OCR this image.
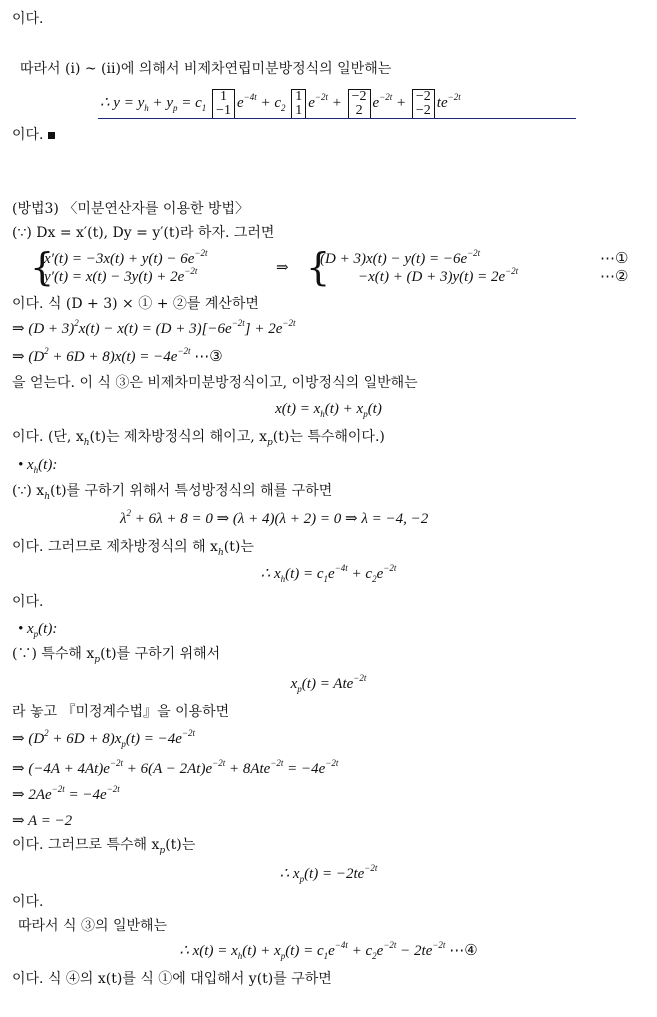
이다.
따라서 (i) ~ (ii)에 의해서 비제차연립미분방정식의 일반해는
∴ $y = y_h + y_p = c_1$
1
−1 $e^{-4t} + c_2$
1
1 $e^{-2t} + -2$
2 $e^{-2t} + -2$
−2 $te^{-2t}$
이다.
(방법3) 〈미분연산자를 이용한 방법〉
(∵) Dx = x′(t), Dy = y′(t)라 하자. 그러면
{
$x'(t) = -3x(t) + y(t) - 6e^{-2t}$
$y'(t) = x(t) - 3y(t) + 2e^{-2t}$	⇒ {
$(D + 3)x(t) - y(t) = -6e^{-2t}$	⋯①
$-x(t) + (D + 3)y(t) = 2e^{-2t}$	⋯②
이다. 식 (D + 3) × ① + ②를 계산하면
⇒ $(D + 3)^2x(t) - x(t) = (D + 3)[-6e^{-2t}] + 2e^{-2t}$
⇒ $(D^2 + 6D + 8)x(t) = -4e^{-2t}$ ⋯③
을 얻는다. 이 식 ③은 비제차미분방정식이고, 이방정식의 일반해는
$x(t) = x_h(t) + x_p(t)$
이다. (단, $x_h(t)$는 제차방정식의 해이고, $x_p(t)$는 특수해이다.)
• $x_h(t)$:
(∵) $x_h(t)$를 구하기 위해서 특성방정식의 해를 구하면
$\lambda^2 + 6\lambda + 8 = 0$ ⇒ (λ + 4)(λ + 2) = 0 ⇒ λ = −4, −2
이다. 그러므로 제차방정식의 해 $x_h(t)$는
∴ $x_h(t) = c_1e^{-4t} + c_2e^{-2t}$
이다.
• $x_p(t)$:
(∵) 특수해 $x_p(t)$를 구하기 위해서
$x_p(t) = Ate^{-2t}$
라 놓고 『미정계수법』을 이용하면
⇒ $(D^2 + 6D + 8)x_p(t) = -4e^{-2t}$
⇒ $(-4A + 4At)e^{-2t} + 6(A - 2At)e^{-2t} + 8Ate^{-2t} = -4e^{-2t}$
⇒ $2Ae^{-2t} = -4e^{-2t}$
⇒ A = −2
이다. 그러므로 특수해 $x_p(t)$는
∴ $x_p(t) = -2te^{-2t}$
이다.
따라서 식 ③의 일반해는
∴ $x(t) = x_h(t) + x_p(t) = c_1e^{-4t} + c_2e^{-2t} - 2te^{-2t}$ ⋯④
이다. 식 ④의 x(t)를 식 ①에 대입해서 y(t)를 구하면
